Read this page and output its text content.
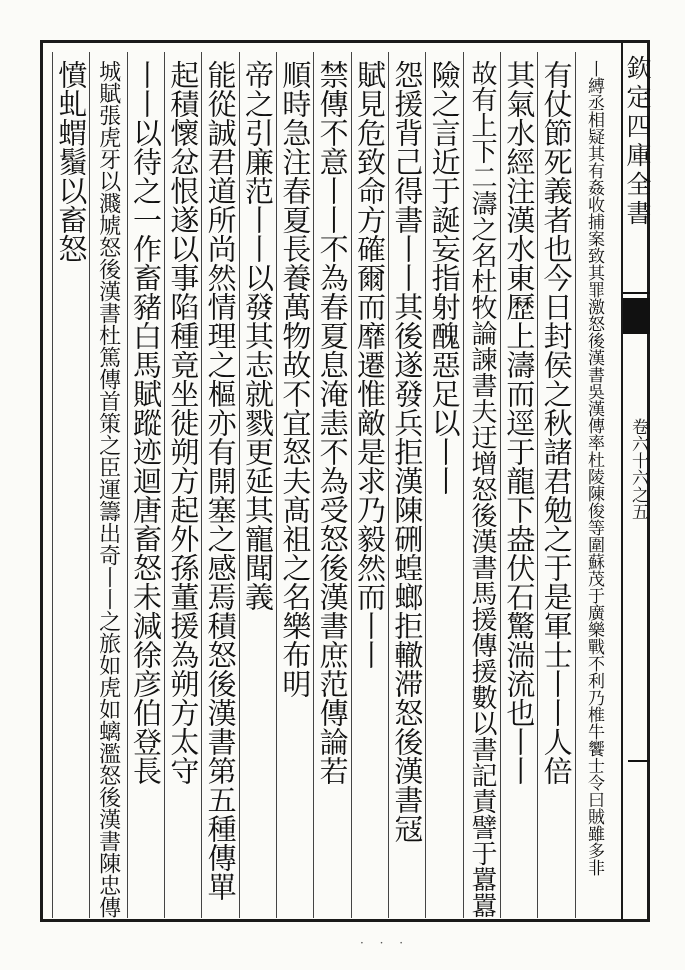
欽定四庫全書
卷六十六之五
丨縛丞相疑其有姦收捕案致其罪激怒後漢書吳漢傳率杜陵陳俊等圍蘇茂于廣樂戰不利乃椎牛饗士令曰賊雖多非
有仗節死義者也今日封侯之秋諸君勉之于是軍士丨丨人倍
其氣水經注漢水東歷上濤而逕于龍下盎伏石驚湍流也丨丨
故有上下二濤之名杜牧論諫書夫迂增怒後漢書馬援傳援數以書記責譬于囂囂
險之言近于誕妄指射醜惡足以丨丨
怨援背己得書丨丨其後遂發兵拒漢陳硎蝗螂拒轍滞怒後漢書冦
賦見危致命方確爾而靡遷惟敵是求乃毅然而丨丨
禁傳不意丨丨不為春夏息淹恚不為受怒後漢書庶范傳論若
順時急注春夏長養萬物故不宜怒夫髙祖之名樂布明
帝之引廉范丨丨以發其志就戮更延其寵聞義
能從誠君道所尚然情理之樞亦有開塞之感焉積怒後漢書第五種傳單
起積懷忿恨遂以事陷種竟坐徙朔方起外孫董援為朔方太守
丨丨以待之一作畜豬白馬賦蹤迹迴唐畜怒未減徐彦伯登長
城賦張虎牙以濺虓怒後漢書杜篤傳首策之臣運籌出奇丨丨之旅如虎如螭濫怒後漢書陳忠傳
憤虬蝟鬚以畜怒
· · ·
